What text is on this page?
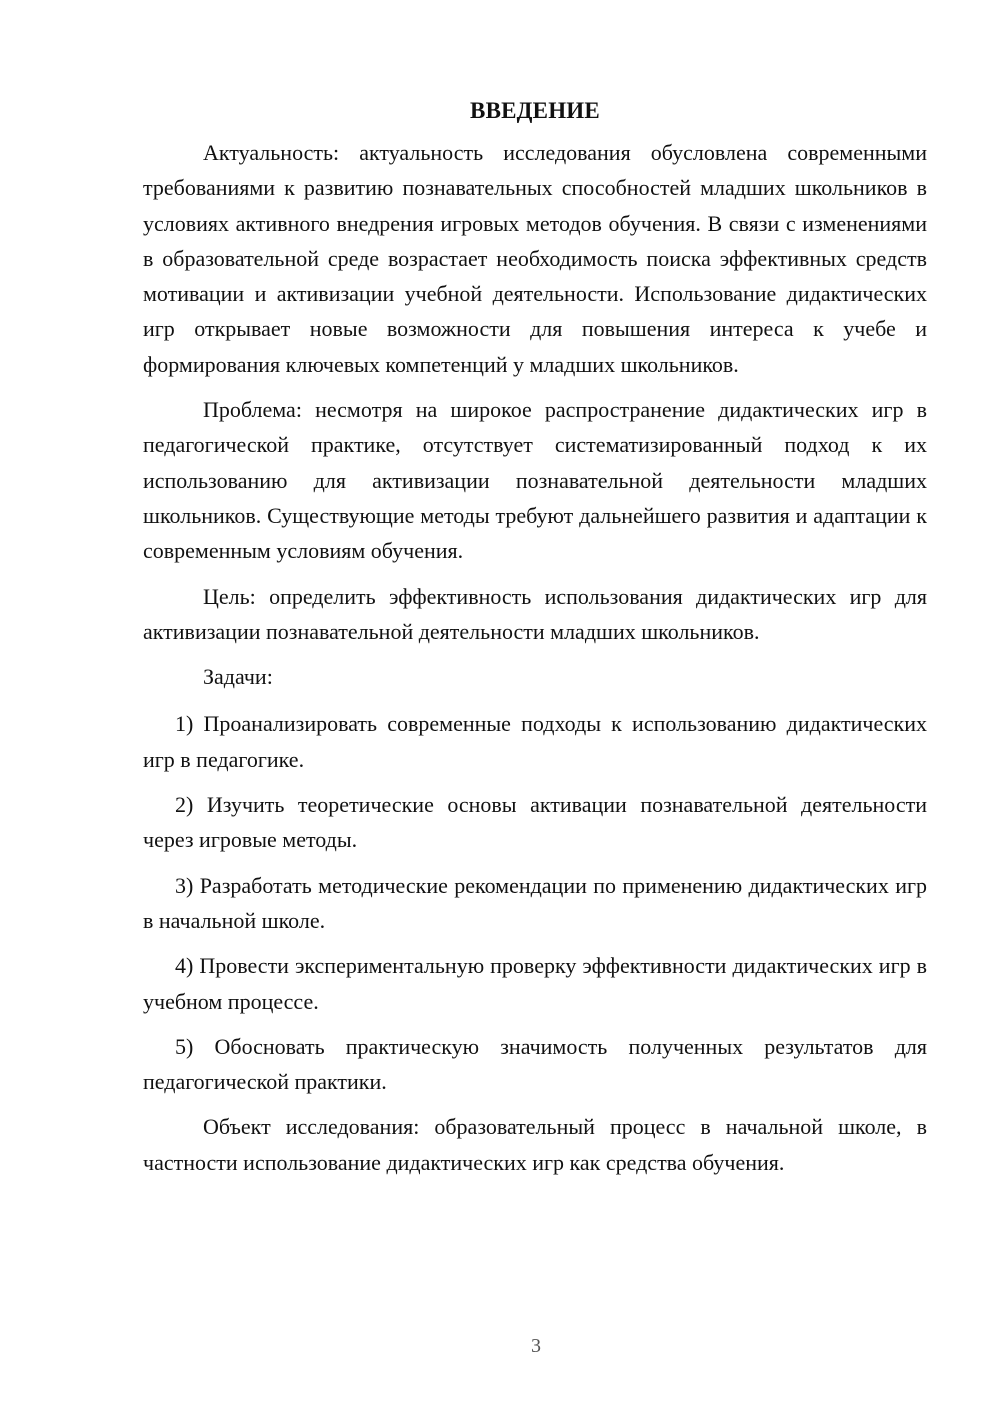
ВВЕДЕНИЕ

Актуальность: актуальность исследования обусловлена современными требованиями к развитию познавательных способностей младших школьников в условиях активного внедрения игровых методов обучения. В связи с изменениями в образовательной среде возрастает необходимость поиска эффективных средств мотивации и активизации учебной деятельности. Использование дидактических игр открывает новые возможности для повышения интереса к учебе и формирования ключевых компетенций у младших школьников.

Проблема: несмотря на широкое распространение дидактических игр в педагогической практике, отсутствует систематизированный подход к их использованию для активизации познавательной деятельности младших школьников. Существующие методы требуют дальнейшего развития и адаптации к современным условиям обучения.

Цель: определить эффективность использования дидактических игр для активизации познавательной деятельности младших школьников.

Задачи:

1) Проанализировать современные подходы к использованию дидактических игр в педагогике.

2) Изучить теоретические основы активации познавательной деятельности через игровые методы.

3) Разработать методические рекомендации по применению дидактических игр в начальной школе.

4) Провести экспериментальную проверку эффективности дидактических игр в учебном процессе.

5) Обосновать практическую значимость полученных результатов для педагогической практики.

Объект исследования: образовательный процесс в начальной школе, в частности использование дидактических игр как средства обучения.

3
